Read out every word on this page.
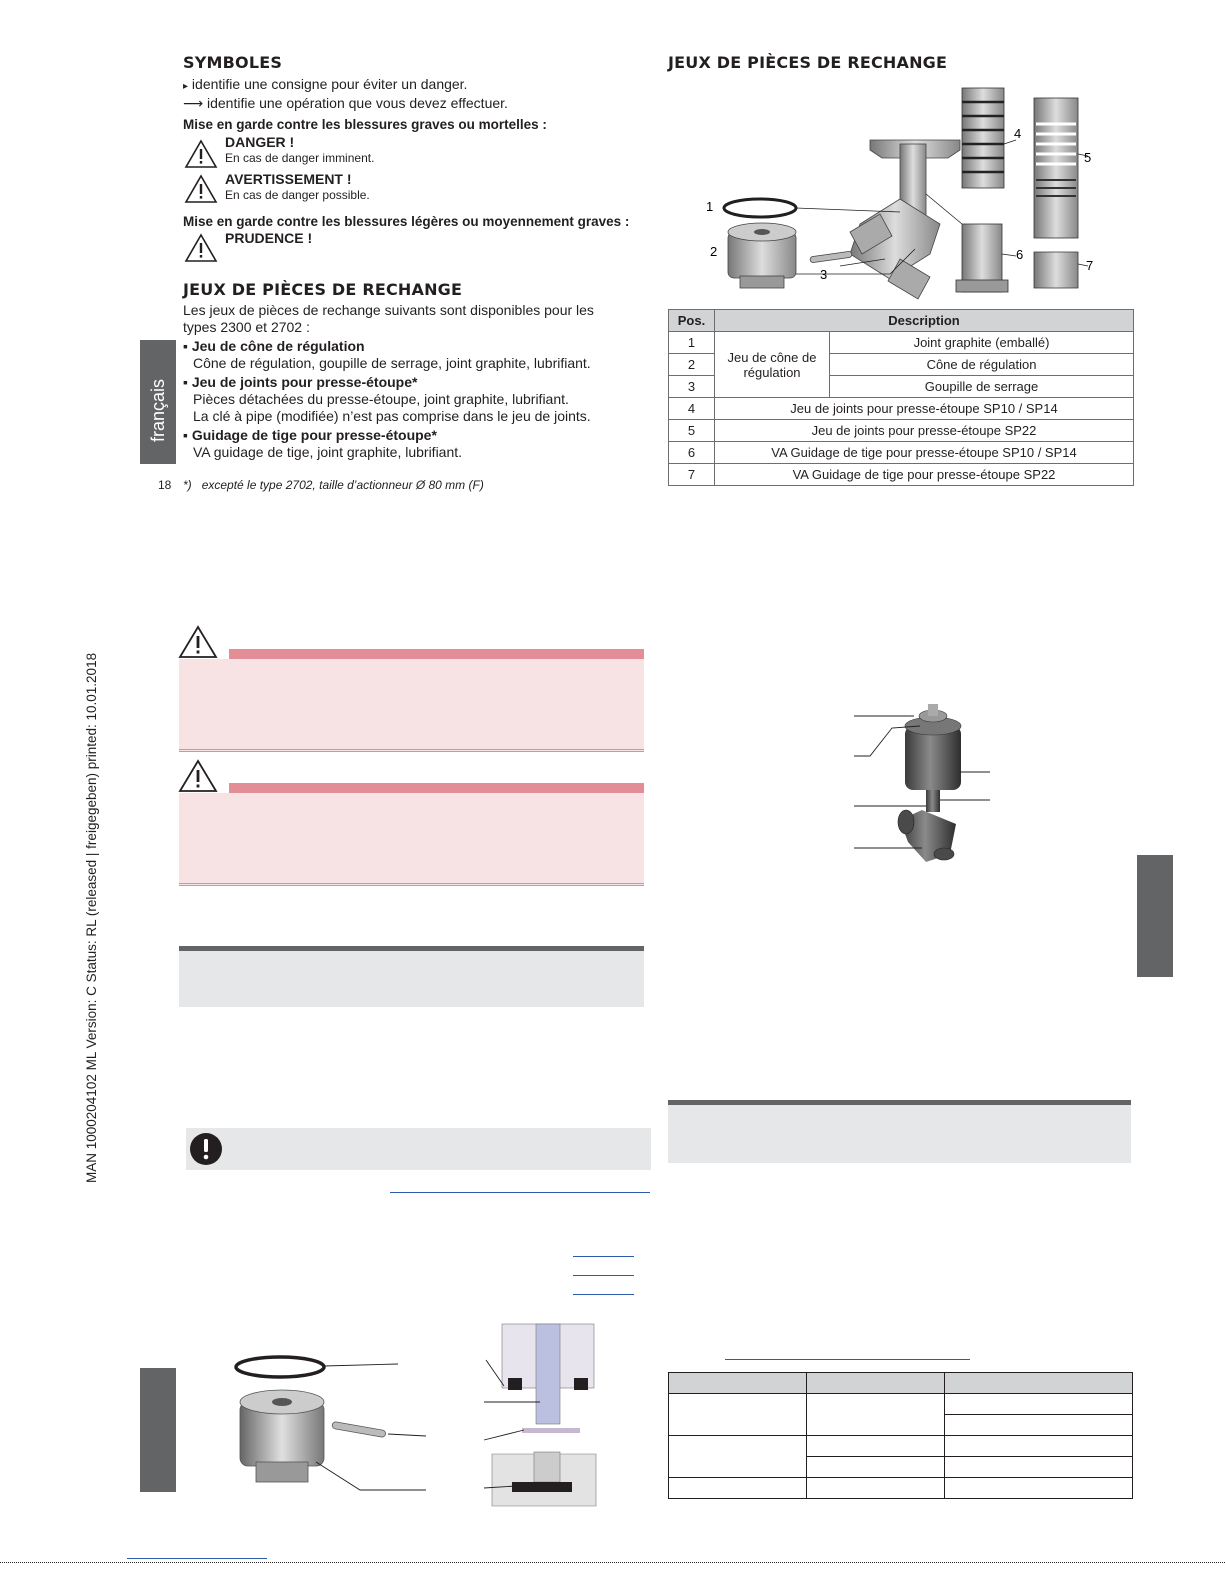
MAN 1000204102 ML Version: C Status: RL (released | freigegeben) printed: 10.01.2018
français
18
SYMBOLES
▸ identifie une consigne pour éviter un danger.
⟶ identifie une opération que vous devez effectuer.
Mise en garde contre les blessures graves ou mortelles :
DANGER !
En cas de danger imminent.
AVERTISSEMENT !
En cas de danger possible.
Mise en garde contre les blessures légères ou moyennement graves :
PRUDENCE !
JEUX DE PIÈCES DE RECHANGE
Les jeux de pièces de rechange suivants sont disponibles pour les
types 2300 et 2702 :
▪ Jeu de cône de régulation
Cône de régulation, goupille de serrage, joint graphite, lubrifiant.
▪ Jeu de joints pour presse-étoupe*
Pièces détachées du presse-étoupe, joint graphite, lubrifiant.
La clé à pipe (modifiée) n’est pas comprise dans le jeu de joints.
▪ Guidage de tige pour presse-étoupe*
VA guidage de tige, joint graphite, lubrifiant.
*) excepté le type 2702, taille d’actionneur Ø 80 mm (F)
JEUX DE PIÈCES DE RECHANGE
1
2
3
4
5
6
7
Pos.	Description	
1	Jeu de cône de régulation	Joint graphite (emballé)
2		Cône de régulation
3		Goupille de serrage
4	Jeu de joints pour presse-étoupe SP10 / SP14	
5	Jeu de joints pour presse-étoupe SP22	
6	VA Guidage de tige pour presse-étoupe SP10 / SP14	
7	VA Guidage de tige pour presse-étoupe SP22	
